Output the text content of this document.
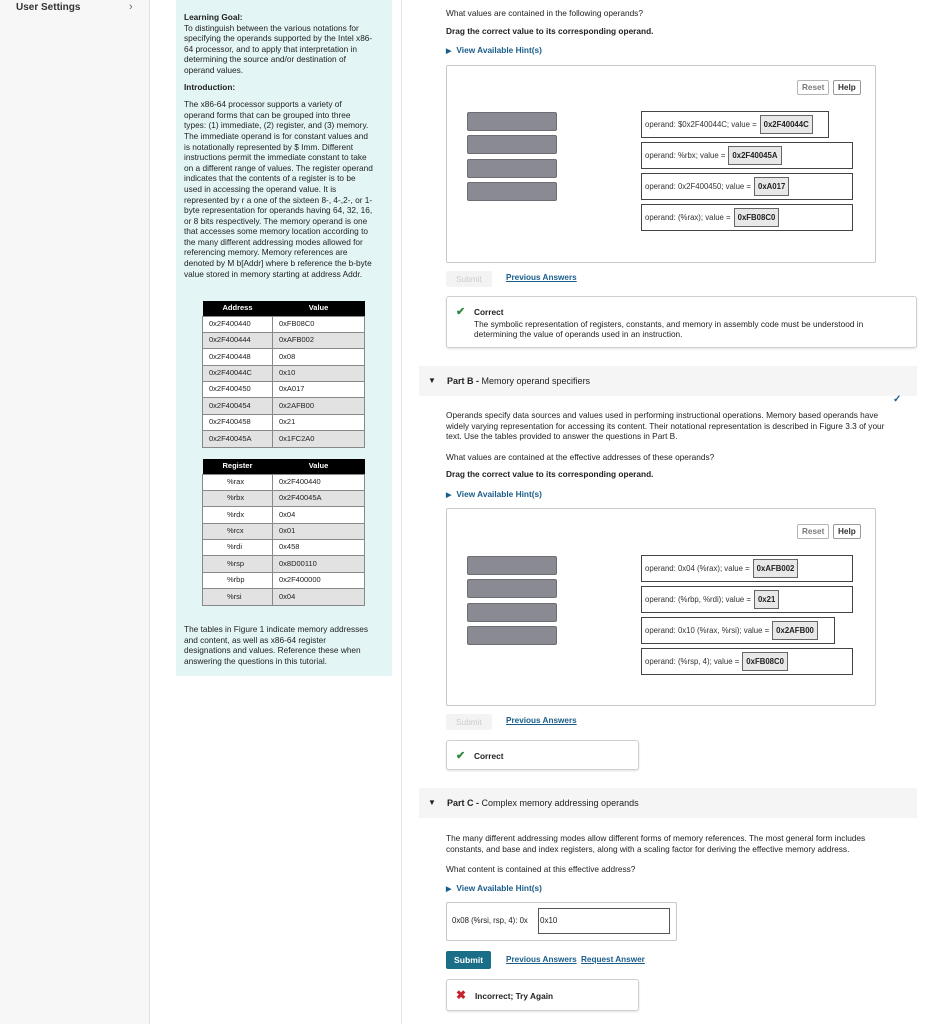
User Settings	›

Learning Goal:

To distinguish between the various notations for

specifying the operands supported by the Intel x86-

64 processor, and to apply that interpretation in

determining the source and/or destination of

operand values.

Introduction:

The x86-64 processor supports a variety of

operand forms that can be grouped into three

types: (1) immediate, (2) register, and (3) memory.

The immediate operand is for constant values and

is notationally represented by $ Imm. Different

instructions permit the immediate constant to take

on a different range of values. The register operand

indicates that the contents of a register is to be

used in accessing the operand value. It is

represented by r a one of the sixteen 8-, 4-,2-, or 1-

byte representation for operands having 64, 32, 16,

or 8 bits respectively. The memory operand is one

that accesses some memory location according to

the many different addressing modes allowed for

referencing memory. Memory references are

denoted by M b[Addr] where b reference the b-byte

value stored in memory starting at address Addr.

Address	Value
0x2F400440	0xFB08C0
0x2F400444	0xAFB002
0x2F400448	0x08
0x2F40044C	0x10
0x2F400450	0xA017
0x2F400454	0x2AFB00
0x2F400458	0x21
0x2F40045A	0x1FC2A0
Register	Value
%rax	0x2F400440
%rbx	0x2F40045A
%rdx	0x04
%rcx	0x01
%rdi	0x458
%rsp	0x8D00110
%rbp	0x2F400000
%rsi	0x04

The tables in Figure 1 indicate memory addresses

and content, as well as x86-64 register

designations and values. Reference these when

answering the questions in this tutorial.

What values are contained in the following operands?
Drag the correct value to its corresponding operand.
▶ View Available Hint(s)
Reset	Help
operand: $0x2F40044C; value = 0x2F40044C
operand: %rbx; value = 0x2F40045A
operand: 0x2F400450; value = 0xA017
operand: (%rax); value = 0xFB08C0
Submit	Previous Answers
✔ Correct
The symbolic representation of registers, constants, and memory in assembly code must be understood in
determining the value of operands used in an instruction.
▼ Part B - Memory operand specifiers
✓
Operands specify data sources and values used in performing instructional operations. Memory based operands have
widely varying representation for accessing its content. Their notational representation is described in Figure 3.3 of your
text. Use the tables provided to answer the questions in Part B.
What values are contained at the effective addresses of these operands?
Drag the correct value to its corresponding operand.
▶ View Available Hint(s)
Reset	Help
operand: 0x04 (%rax); value = 0xAFB002
operand: (%rbp, %rdi); value = 0x21
operand: 0x10 (%rax, %rsi); value = 0x2AFB00
operand: (%rsp, 4); value = 0xFB08C0
Submit	Previous Answers
✔ Correct
▼ Part C - Complex memory addressing operands
The many different addressing modes allow different forms of memory references. The most general form includes
constants, and base and index registers, along with a scaling factor for deriving the effective memory address.
What content is contained at this effective address?
▶ View Available Hint(s)
0x08 (%rsi, rsp, 4): 0x 0x10
Submit	Previous Answers Request Answer
✖ Incorrect; Try Again
